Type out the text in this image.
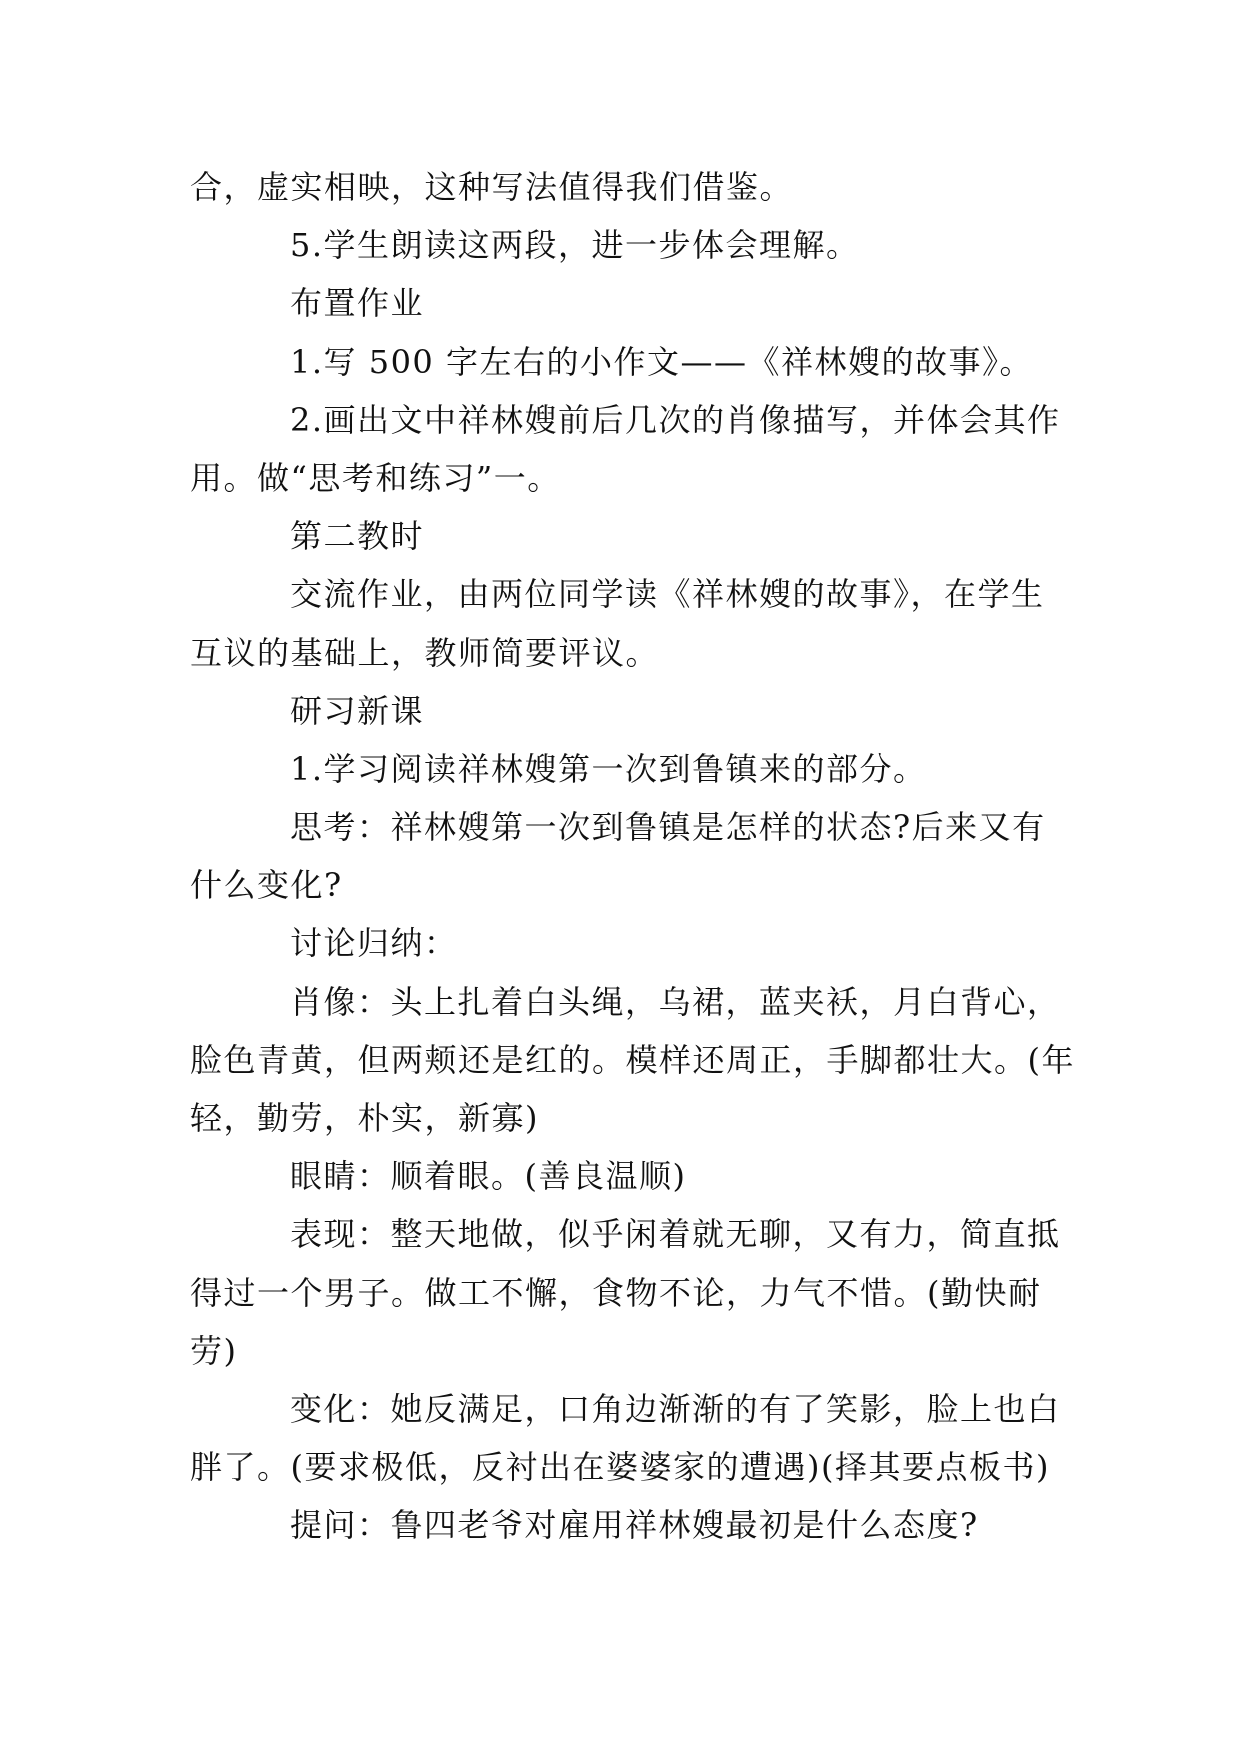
合，虚实相映，这种写法值得我们借鉴。
5.学生朗读这两段，进一步体会理解。
布置作业
1.写 500 字左右的小作文——《祥林嫂的故事》。
2.画出文中祥林嫂前后几次的肖像描写，并体会其作
用。做“思考和练习”一。
第二教时
交流作业，由两位同学读《祥林嫂的故事》，在学生
互议的基础上，教师简要评议。
研习新课
1.学习阅读祥林嫂第一次到鲁镇来的部分。
思考：祥林嫂第一次到鲁镇是怎样的状态?后来又有
什么变化?
讨论归纳：
肖像：头上扎着白头绳，乌裙，蓝夹袄，月白背心，
脸色青黄，但两颊还是红的。模样还周正，手脚都壮大。(年
轻，勤劳，朴实，新寡)
眼睛：顺着眼。(善良温顺)
表现：整天地做，似乎闲着就无聊，又有力，简直抵
得过一个男子。做工不懈，食物不论，力气不惜。(勤快耐
劳)
变化：她反满足，口角边渐渐的有了笑影，脸上也白
胖了。(要求极低，反衬出在婆婆家的遭遇)(择其要点板书)
提问：鲁四老爷对雇用祥林嫂最初是什么态度?
